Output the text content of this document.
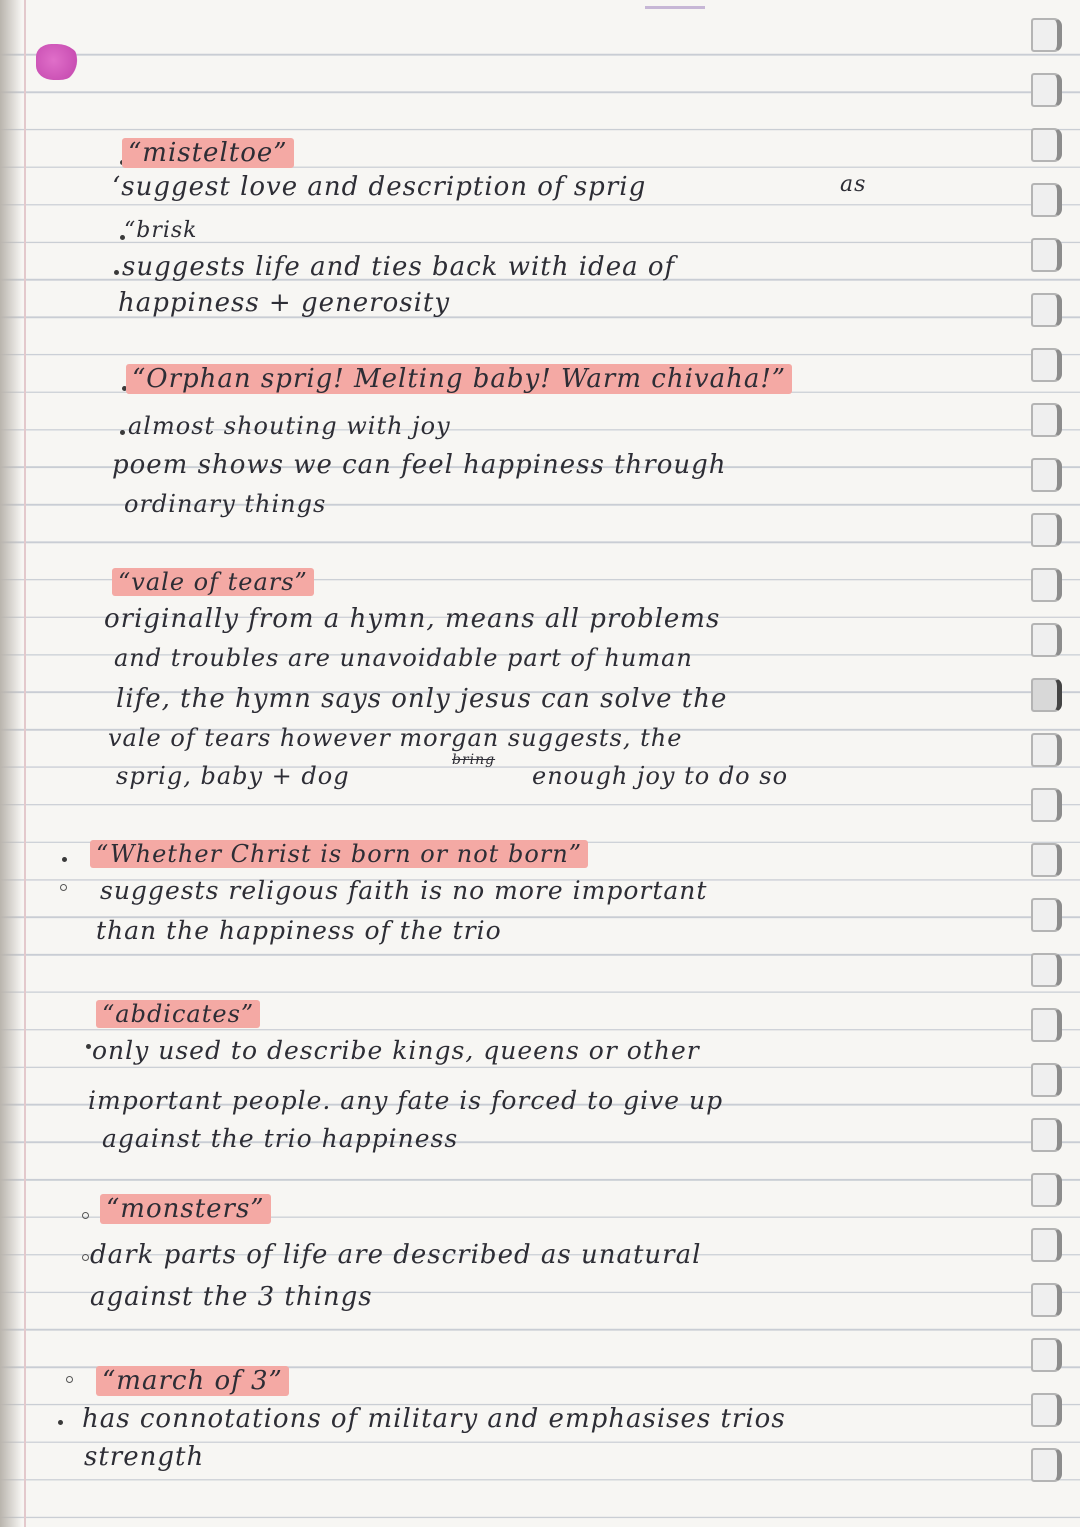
“misteltoe”
‘suggest love and description of sprig	as
“brisk
suggests life and ties back with idea of
happiness + generosity
“Orphan sprig! Melting baby! Warm chivaha!”
almost shouting with joy
poem shows we can feel happiness through
ordinary things
“vale of tears”
originally from a hymn, means all problems
and troubles are unavoidable part of human
life, the hymn says only jesus can solve the
vale of tears however morgan suggests, the
sprig, baby + dog
bring
enough joy to do so
“Whether Christ is born or not born”
suggests religous faith is no more important
than the happiness of the trio
“abdicates”
only used to describe kings, queens or other
important people. any fate is forced to give up
against the trio happiness
“monsters”
dark parts of life are described as unatural
against the 3 things
“march of 3”
has connotations of military and emphasises trios
strength
